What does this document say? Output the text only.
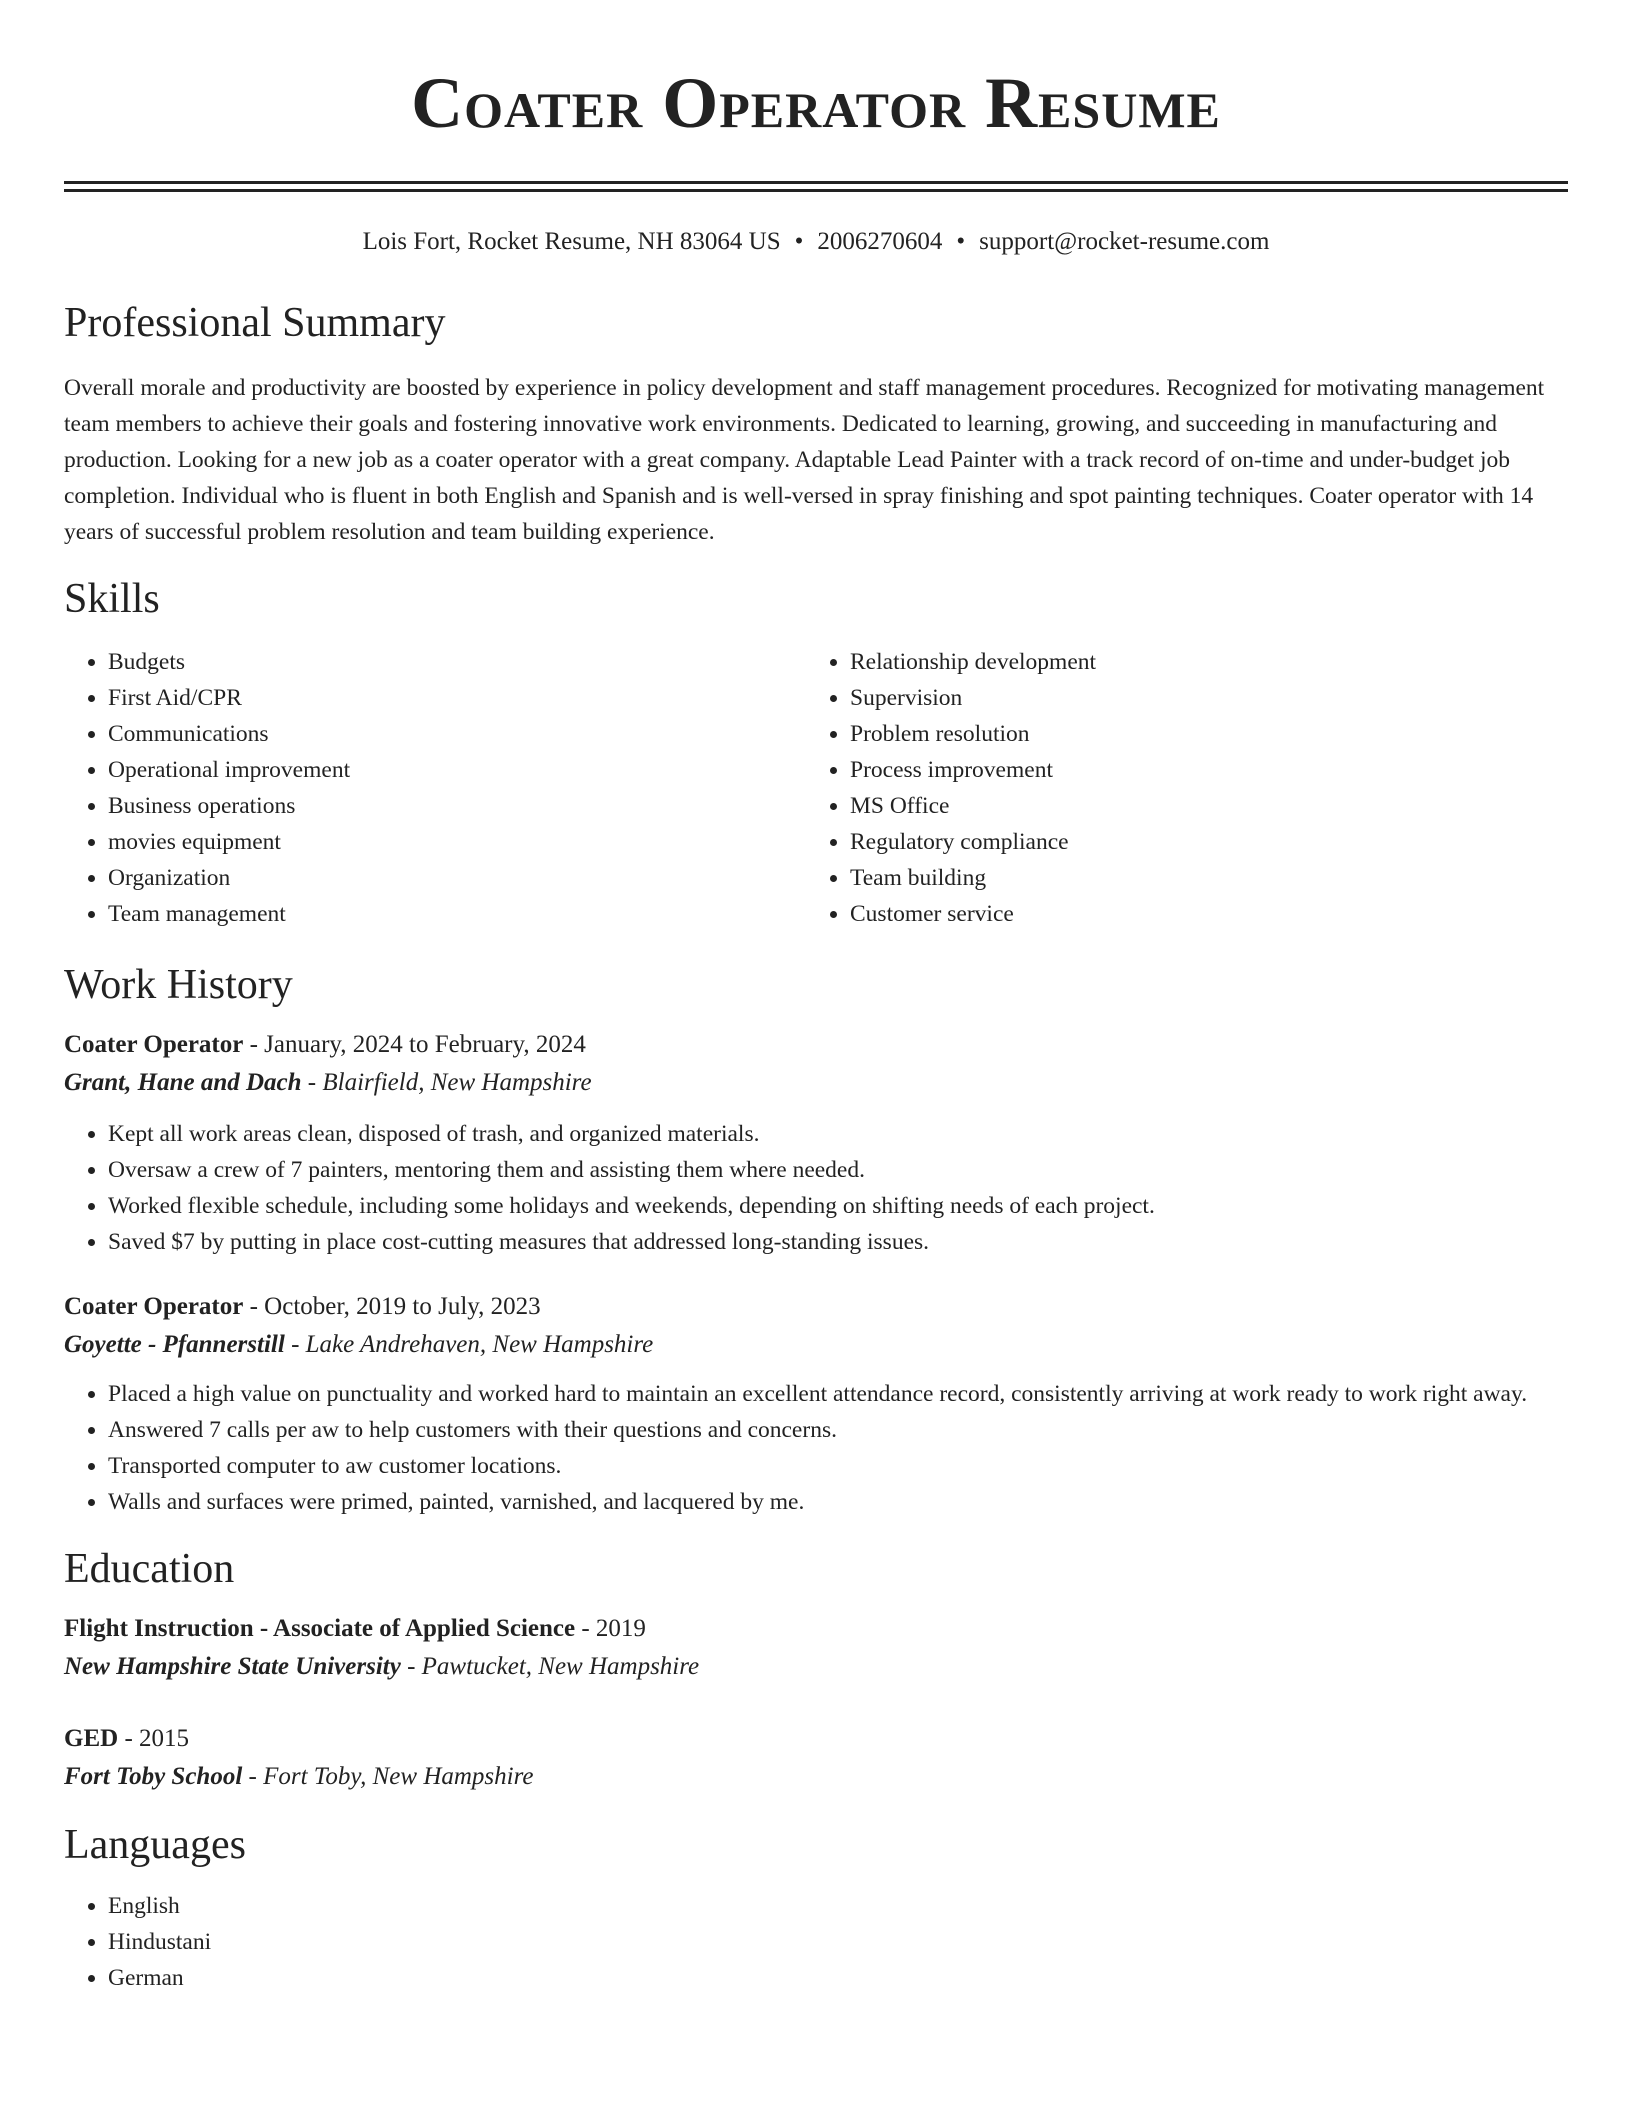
Coater Operator Resume
Lois Fort, Rocket Resume, NH 83064 US • 2006270604 • support@rocket-resume.com
Professional Summary

Overall morale and productivity are boosted by experience in policy development and staff management procedures. Recognized for motivating management team members to achieve their goals and fostering innovative work environments. Dedicated to learning, growing, and succeeding in manufacturing and production. Looking for a new job as a coater operator with a great company. Adaptable Lead Painter with a track record of on-time and under-budget job completion. Individual who is fluent in both English and Spanish and is well-versed in spray finishing and spot painting techniques. Coater operator with 14 years of successful problem resolution and team building experience.

Skills
• Budgets
• First Aid/CPR
• Communications
• Operational improvement
• Business operations
• movies equipment
• Organization
• Team management
• Relationship development
• Supervision
• Problem resolution
• Process improvement
• MS Office
• Regulatory compliance
• Team building
• Customer service
Work History
Coater Operator - January, 2024 to February, 2024
Grant, Hane and Dach - Blairfield, New Hampshire
• Kept all work areas clean, disposed of trash, and organized materials.
• Oversaw a crew of 7 painters, mentoring them and assisting them where needed.
• Worked flexible schedule, including some holidays and weekends, depending on shifting needs of each project.
• Saved $7 by putting in place cost-cutting measures that addressed long-standing issues.
Coater Operator - October, 2019 to July, 2023
Goyette - Pfannerstill - Lake Andrehaven, New Hampshire
• Placed a high value on punctuality and worked hard to maintain an excellent attendance record, consistently arriving at work ready to work right away.
• Answered 7 calls per aw to help customers with their questions and concerns.
• Transported computer to aw customer locations.
• Walls and surfaces were primed, painted, varnished, and lacquered by me.
Education
Flight Instruction - Associate of Applied Science - 2019
New Hampshire State University - Pawtucket, New Hampshire
GED - 2015
Fort Toby School - Fort Toby, New Hampshire
Languages
• English
• Hindustani
• German
